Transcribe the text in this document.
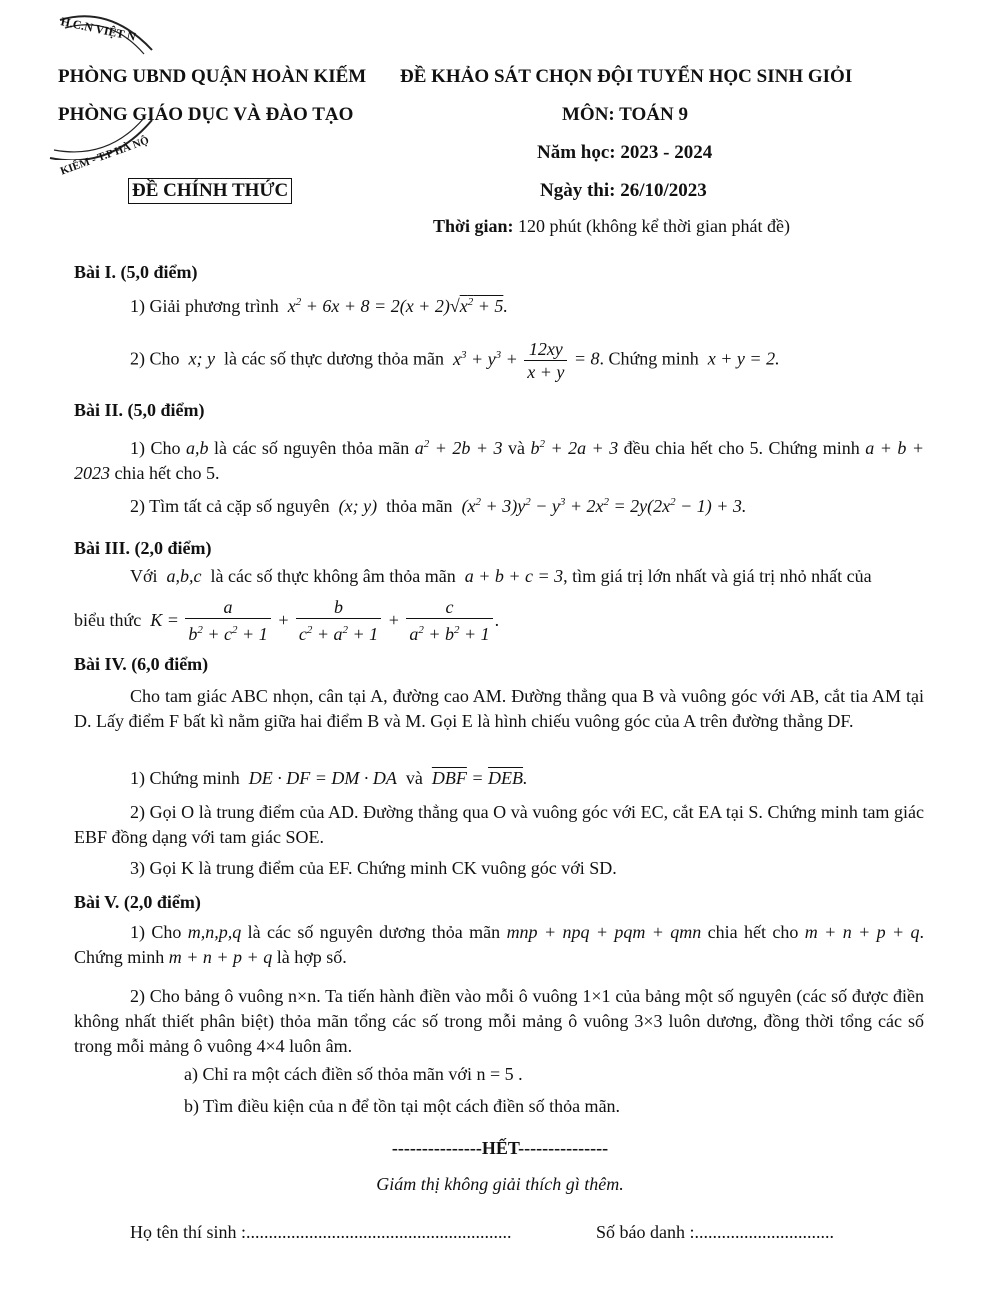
H.C.N VIỆT N
KIẾM - T.P HÀ NỘ
PHÒNG UBND QUẬN HOÀN KIẾM
PHÒNG GIÁO DỤC VÀ ĐÀO TẠO
ĐỀ CHÍNH THỨC
ĐỀ KHẢO SÁT CHỌN ĐỘI TUYỂN HỌC SINH GIỎI
MÔN: TOÁN 9
Năm học: 2023 - 2024
Ngày thi: 26/10/2023
Thời gian: 120 phút (không kể thời gian phát đề)
Bài I. (5,0 điểm)
1) Giải phương trình  $x^2 + 6x + 8 = 2(x + 2)√x^2 + 5$.
2) Cho  x; y  là các số thực dương thỏa mãn  $x^3 + y^3 + \frac{12xy}{x + y} = 8$. Chứng minh  x + y = 2.
Bài II. (5,0 điểm)
1) Cho a,b là các số nguyên thỏa mãn $a^2 + 2b + 3$ và $b^2 + 2a + 3$ đều chia hết cho 5. Chứng minh a + b + 2023 chia hết cho 5.
2) Tìm tất cả cặp số nguyên  (x; y)  thỏa mãn  $(x^2 + 3)y^2 - y^3 + 2x^2 = 2y(2x^2 - 1) + 3$.
Bài III. (2,0 điểm)
Với  a,b,c  là các số thực không âm thỏa mãn  a + b + c = 3, tìm giá trị lớn nhất và giá trị nhỏ nhất của
biểu thức  $K = \frac{a}{b^2 + c^2 + 1} + \frac{b}{c^2 + a^2 + 1} + \frac{c}{a^2 + b^2 + 1}$ .
Bài IV. (6,0 điểm)
Cho tam giác ABC nhọn, cân tại A, đường cao AM. Đường thẳng qua B và vuông góc với AB, cắt tia AM tại D. Lấy điểm F bất kì nằm giữa hai điểm B và M. Gọi E là hình chiếu vuông góc của A trên đường thẳng DF.
1) Chứng minh  DE · DF = DM · DA  và $\overline{DBF} = \overline{DEB}$.
2) Gọi O là trung điểm của AD. Đường thẳng qua O và vuông góc với EC, cắt EA tại S. Chứng minh tam giác EBF đồng dạng với tam giác SOE.
3) Gọi K là trung điểm của EF. Chứng minh CK vuông góc với SD.
Bài V. (2,0 điểm)
1) Cho m,n,p,q là các số nguyên dương thỏa mãn mnp + npq + pqm + qmn chia hết cho m + n + p + q. Chứng minh m + n + p + q là hợp số.
2) Cho bảng ô vuông n×n. Ta tiến hành điền vào mỗi ô vuông 1×1 của bảng một số nguyên (các số được điền không nhất thiết phân biệt) thỏa mãn tổng các số trong mỗi mảng ô vuông 3×3 luôn dương, đồng thời tổng các số trong mỗi mảng ô vuông 4×4 luôn âm.
a) Chỉ ra một cách điền số thỏa mãn với n = 5 .
b) Tìm điều kiện của n để tồn tại một cách điền số thỏa mãn.
---------------HẾT---------------
Giám thị không giải thích gì thêm.
Họ tên thí sinh :...........................................................	Số báo danh :...............................
